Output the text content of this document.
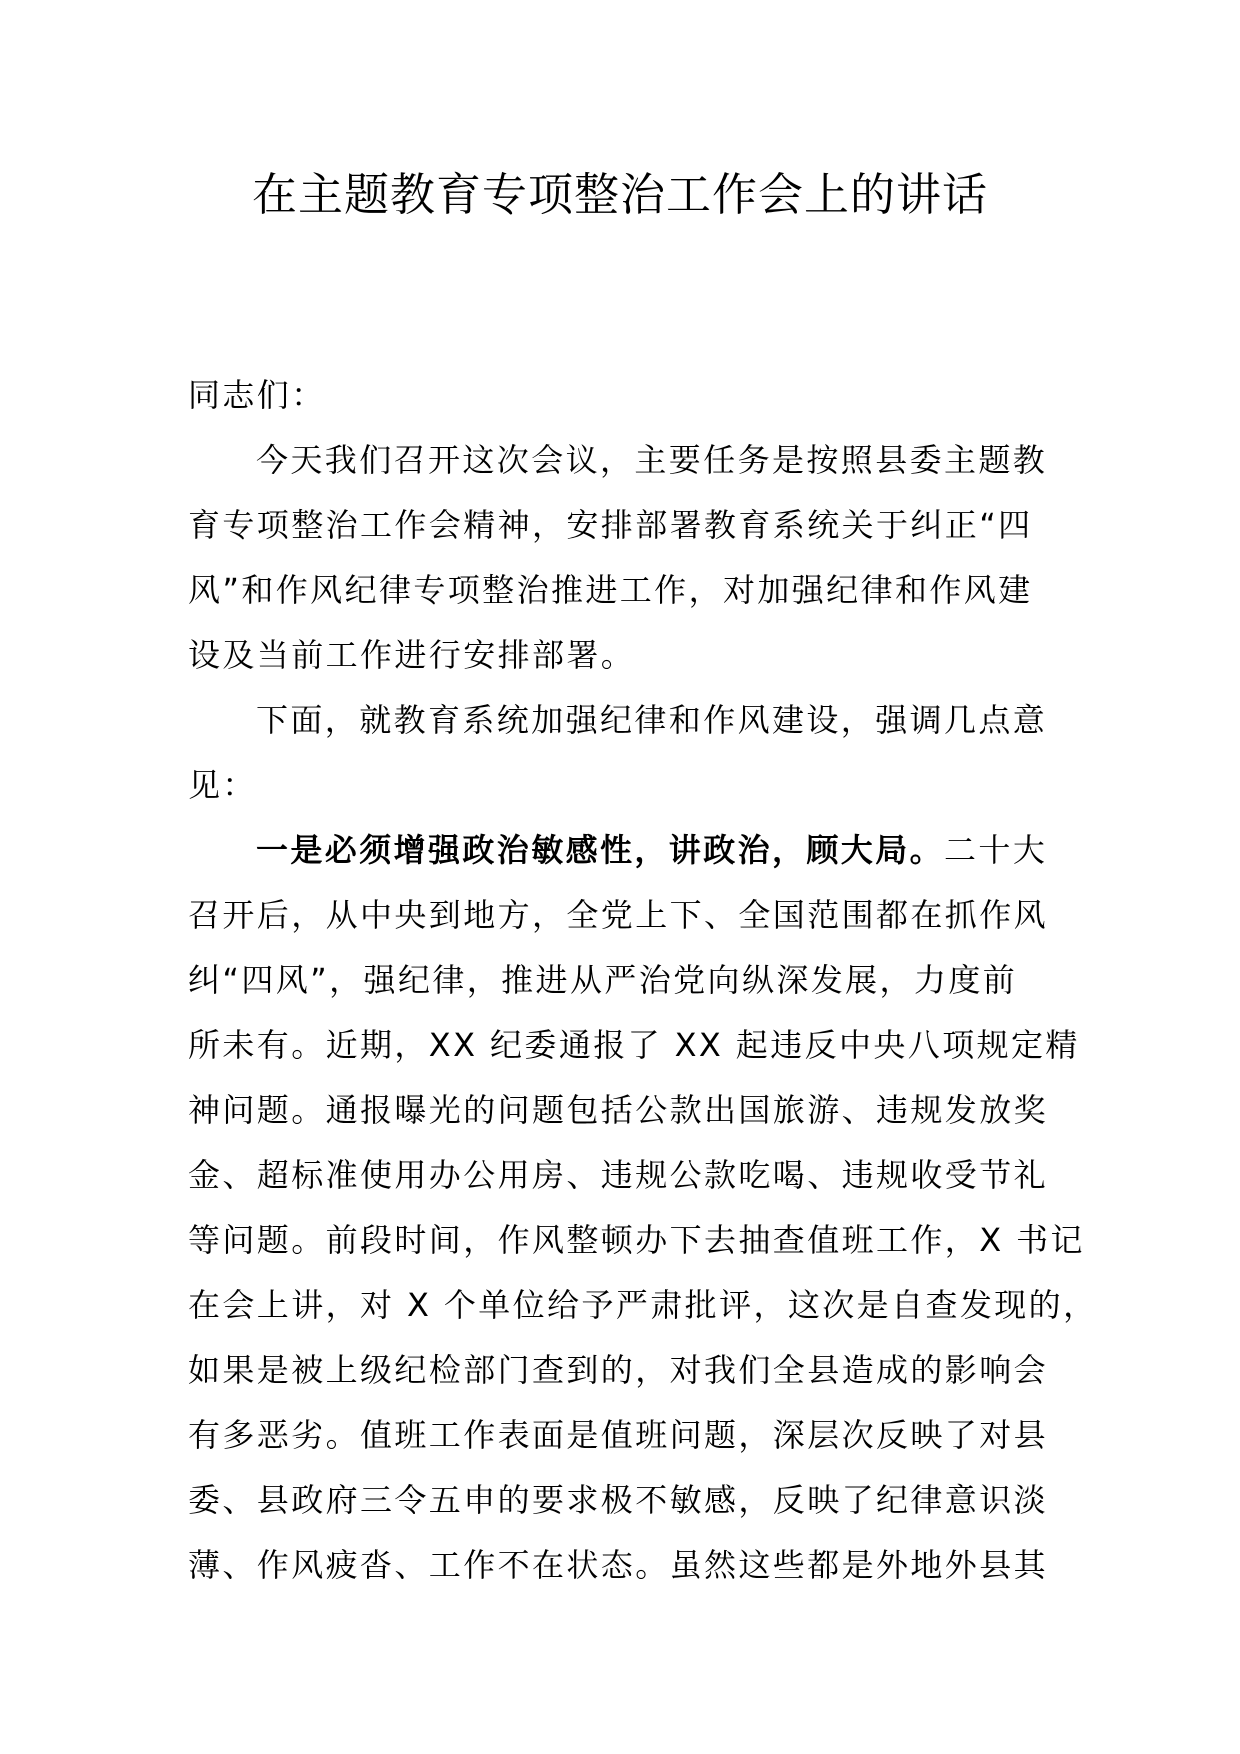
在主题教育专项整治工作会上的讲话
同志们：
今天我们召开这次会议，主要任务是按照县委主题教
育专项整治工作会精神，安排部署教育系统关于纠正“四
风”和作风纪律专项整治推进工作，对加强纪律和作风建
设及当前工作进行安排部署。
下面，就教育系统加强纪律和作风建设，强调几点意
见：
一是必须增强政治敏感性，讲政治，顾大局。二十大
召开后，从中央到地方，全党上下、全国范围都在抓作风
纠“四风”，强纪律，推进从严治党向纵深发展，力度前
所未有。近期，XX 纪委通报了 XX 起违反中央八项规定精
神问题。通报曝光的问题包括公款出国旅游、违规发放奖
金、超标准使用办公用房、违规公款吃喝、违规收受节礼
等问题。前段时间，作风整顿办下去抽查值班工作，X 书记
在会上讲，对 X 个单位给予严肃批评，这次是自查发现的，
如果是被上级纪检部门查到的，对我们全县造成的影响会
有多恶劣。值班工作表面是值班问题，深层次反映了对县
委、县政府三令五申的要求极不敏感，反映了纪律意识淡
薄、作风疲沓、工作不在状态。虽然这些都是外地外县其
